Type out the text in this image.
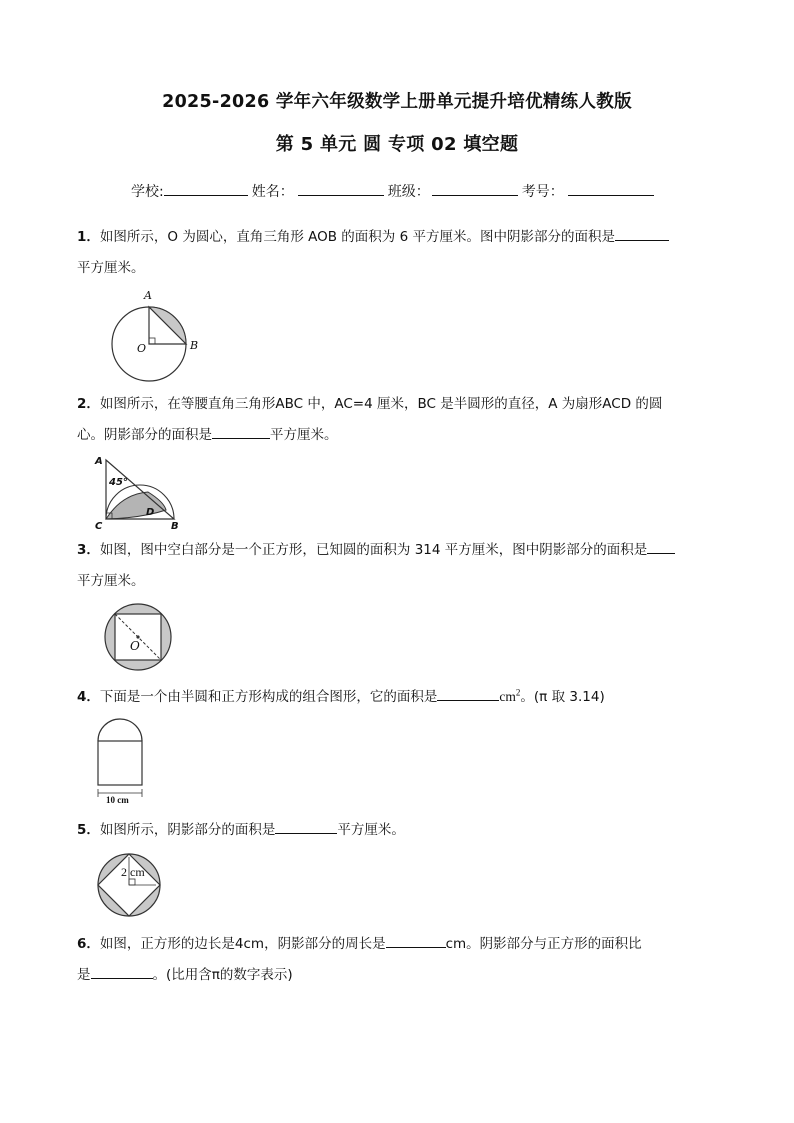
2025-2026 学年六年级数学上册单元提升培优精练人教版
第 5 单元 圆 专项 02 填空题
学校:	姓名：	班级：	考号：
1．如图所示，O 为圆心，直角三角形 AOB 的面积为 6 平方厘米。图中阴影部分的面积是
平方厘米。
A
O	B
2．如图所示，在等腰直角三角形ABC 中，AC=4 厘米，BC 是半圆形的直径，A 为扇形ACD 的圆
心。阴影部分的面积是	平方厘米。
A
45°
D
C	B
3．如图，图中空白部分是一个正方形，已知圆的面积为 314 平方厘米，图中阴影部分的面积是
平方厘米。
O
4．下面是一个由半圆和正方形构成的组合图形，它的面积是	$cm^2$。(π 取 3.14)
10 cm
5．如图所示，阴影部分的面积是	平方厘米。
2 cm
6．如图，正方形的边长是4cm，阴影部分的周长是	cm。阴影部分与正方形的面积比
是	。(比用含π的数字表示)
